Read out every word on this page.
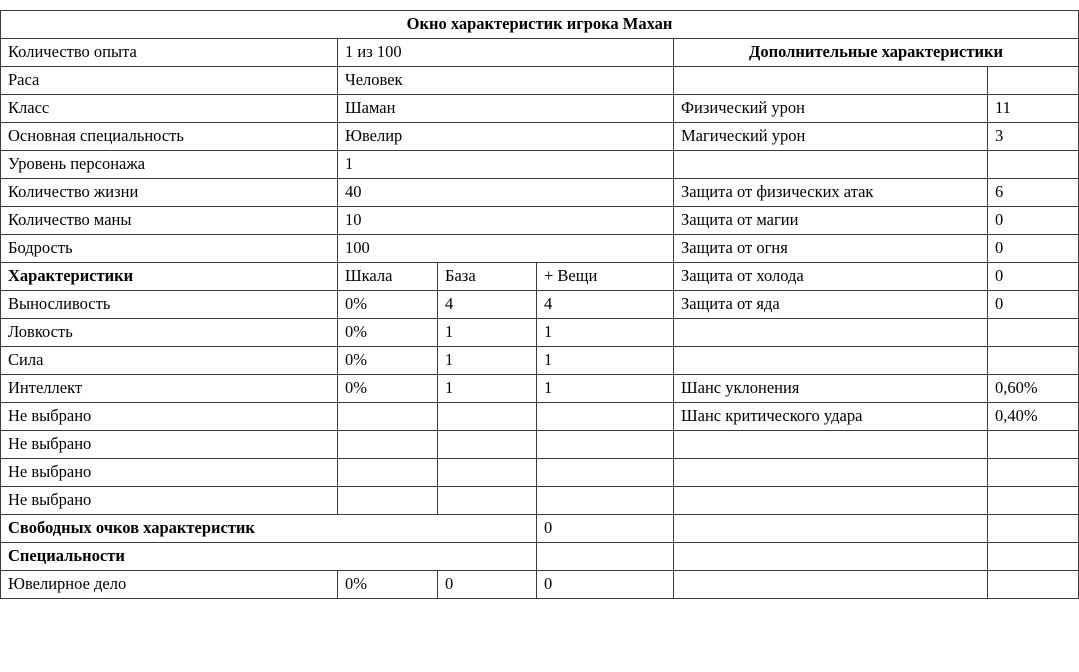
Окно характеристик игрока Махан					
Количество опыта	1 из 100			Дополнительные характеристики	
Раса	Человек				
Класс	Шаман			Физический урон	11
Основная специальность	Ювелир			Магический урон	3
Уровень персонажа	1				
Количество жизни	40			Защита от физических атак	6
Количество маны	10			Защита от магии	0
Бодрость	100			Защита от огня	0
Характеристики	Шкала	База	+ Вещи	Защита от холода	0
Выносливость	0%	4	4	Защита от яда	0
Ловкость	0%	1	1		
Сила	0%	1	1		
Интеллект	0%	1	1	Шанс уклонения	0,60%
Не выбрано				Шанс критического удара	0,40%
Не выбрано					
Не выбрано					
Не выбрано					
Свободных очков характеристик			0		
Специальности					
Ювелирное дело	0%	0	0		
